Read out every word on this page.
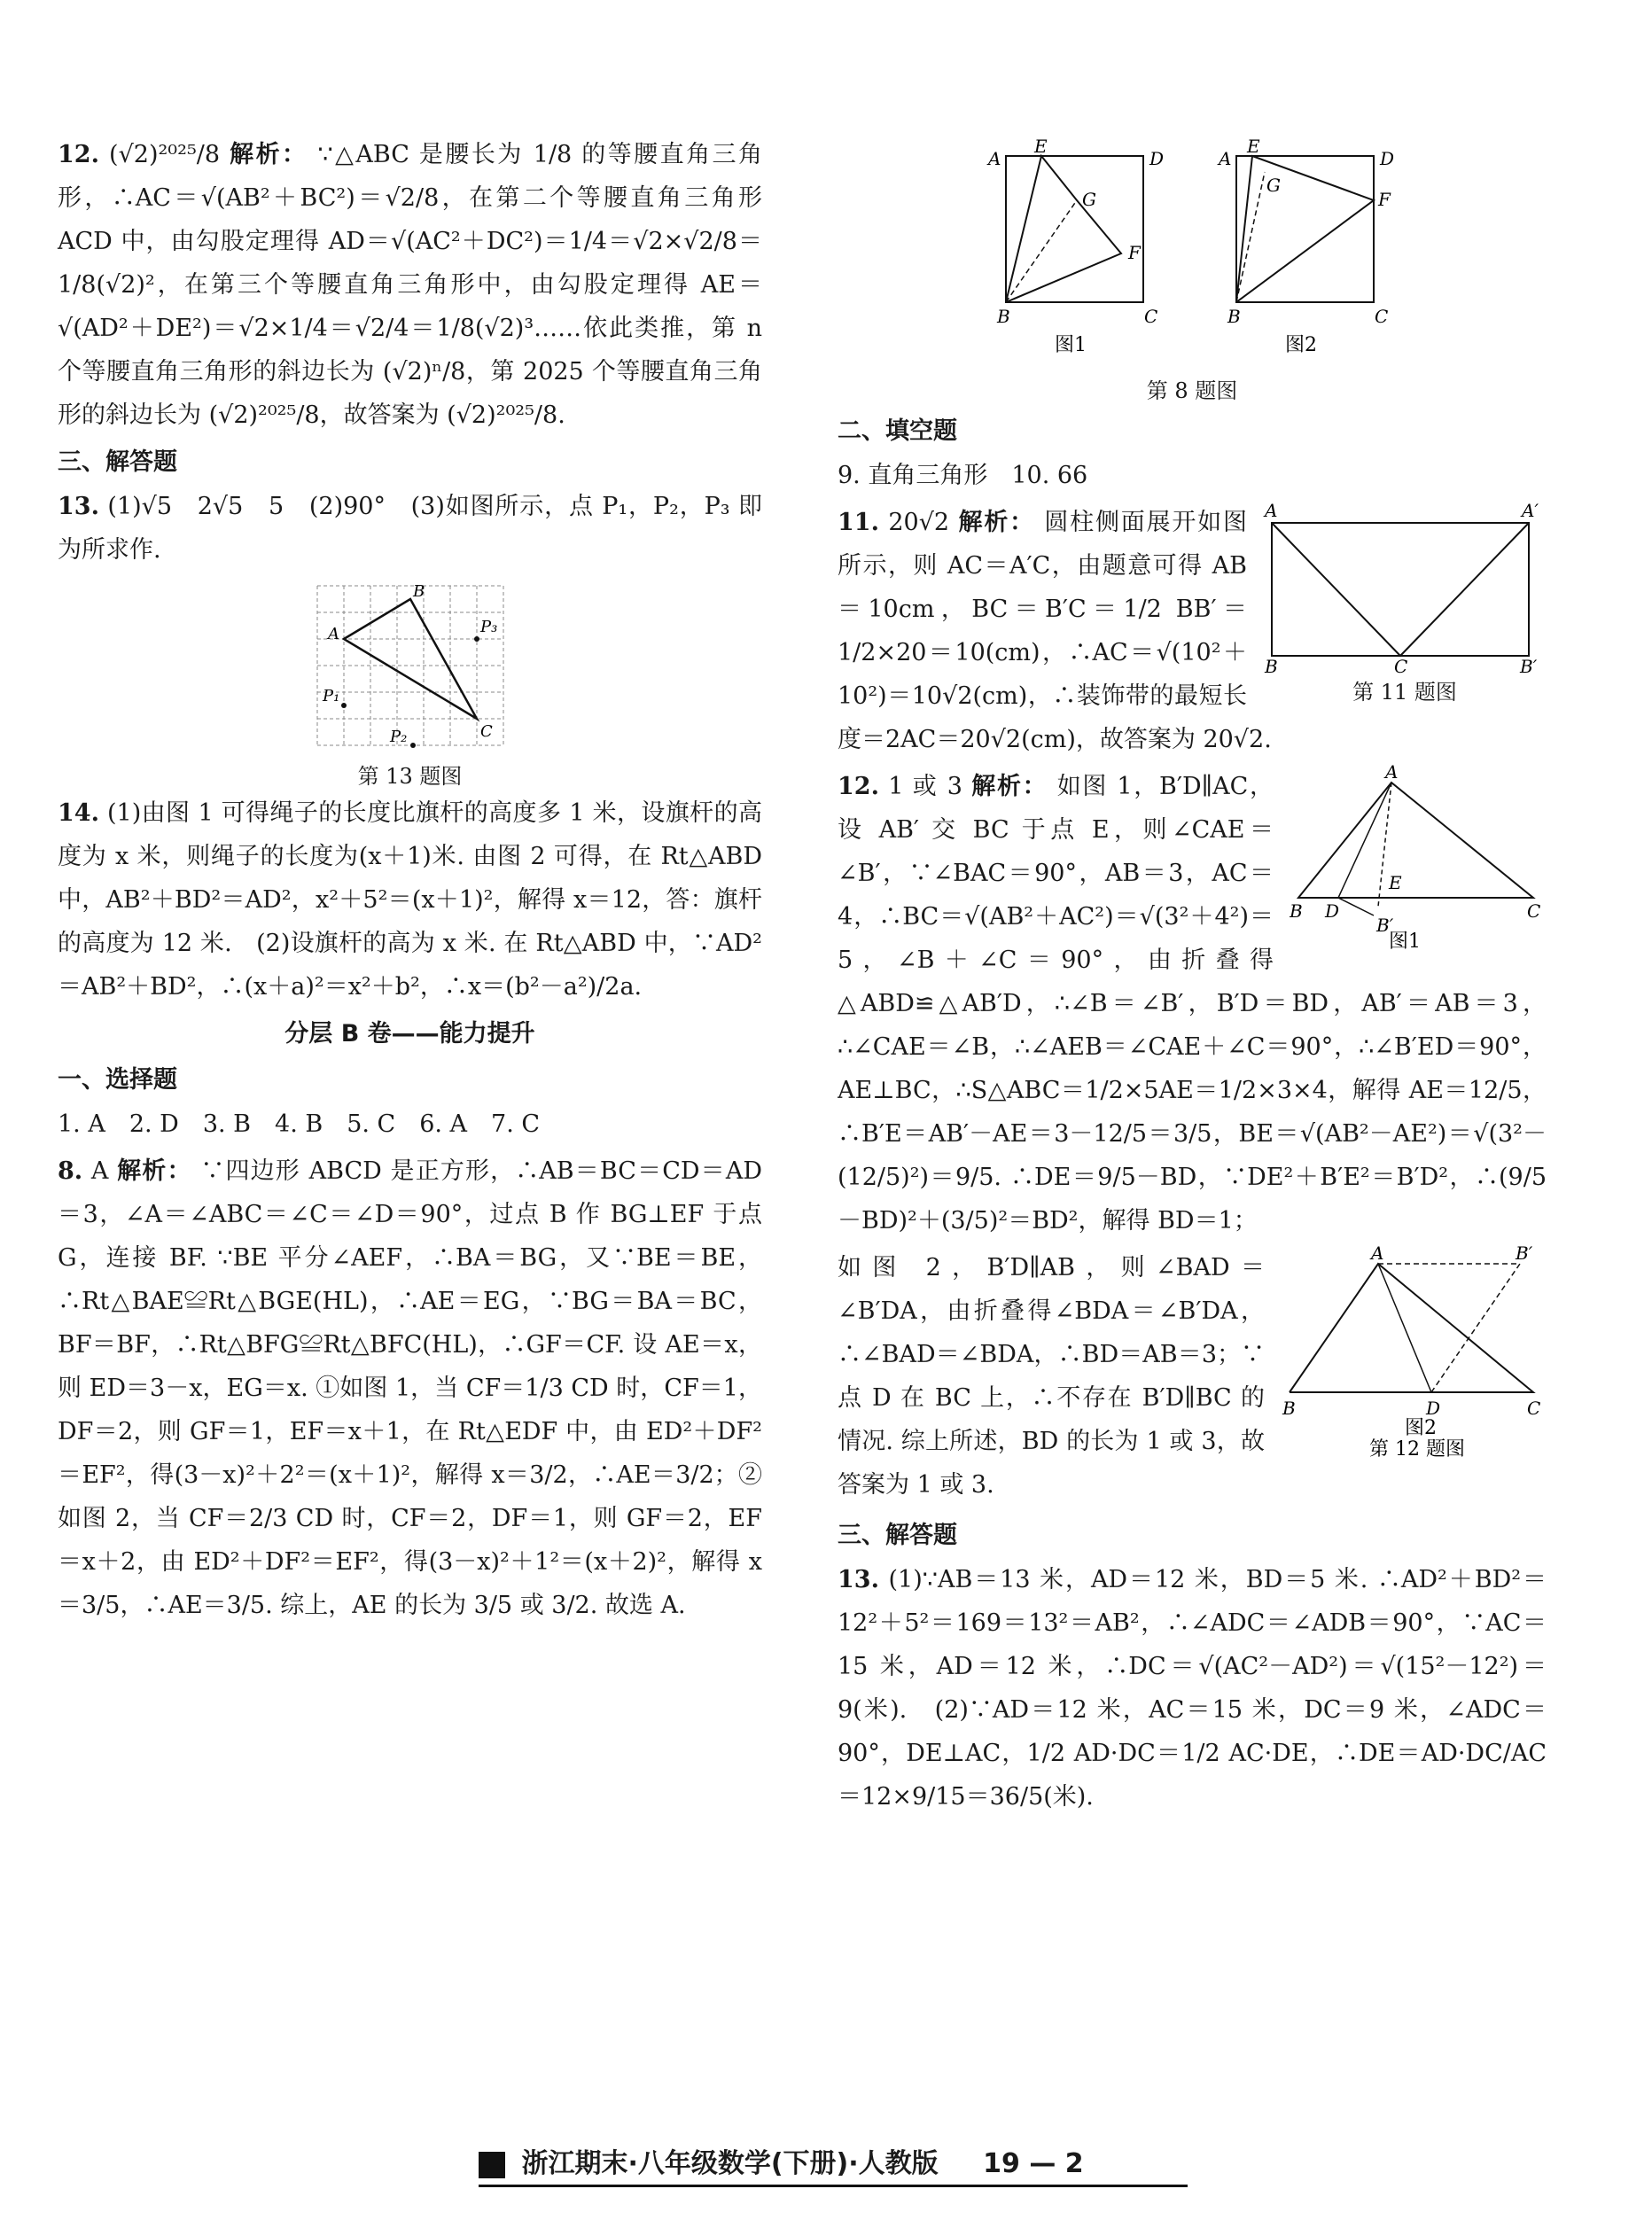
12. (√2)²⁰²⁵/8 解析： ∵△ABC 是腰长为 1/8 的等腰直角三角形，∴AC＝√(AB²＋BC²)＝√2/8，在第二个等腰直角三角形 ACD 中，由勾股定理得 AD＝√(AC²＋DC²)＝1/4＝√2×√2/8＝1/8(√2)²，在第三个等腰直角三角形中，由勾股定理得 AE＝√(AD²＋DE²)＝√2×1/4＝√2/4＝1/8(√2)³……依此类推，第 n 个等腰直角三角形的斜边长为 (√2)ⁿ/8，第 2025 个等腰直角三角形的斜边长为 (√2)²⁰²⁵/8，故答案为 (√2)²⁰²⁵/8.
三、解答题
13. (1)√5　2√5　5　(2)90°　(3)如图所示，点 P₁，P₂，P₃ 即为所求作.
A
B
C
P₁
P₂
P₃
第 13 题图
14. (1)由图 1 可得绳子的长度比旗杆的高度多 1 米，设旗杆的高度为 x 米，则绳子的长度为(x＋1)米. 由图 2 可得，在 Rt△ABD 中，AB²＋BD²＝AD²，x²＋5²＝(x＋1)²，解得 x＝12，答：旗杆的高度为 12 米.　(2)设旗杆的高为 x 米. 在 Rt△ABD 中，∵AD²＝AB²＋BD²，∴(x＋a)²＝x²＋b²，∴x＝(b²－a²)/2a.
分层 B 卷——能力提升
一、选择题
1. A　2. D　3. B　4. B　5. C　6. A　7. C
8. A 解析： ∵四边形 ABCD 是正方形，∴AB＝BC＝CD＝AD＝3，∠A＝∠ABC＝∠C＝∠D＝90°，过点 B 作 BG⊥EF 于点 G，连接 BF. ∵BE 平分∠AEF，∴BA＝BG，又∵BE＝BE，∴Rt△BAE≌Rt△BGE(HL)，∴AE＝EG，∵BG＝BA＝BC，BF＝BF，∴Rt△BFG≌Rt△BFC(HL)，∴GF＝CF. 设 AE＝x，则 ED＝3－x，EG＝x. ①如图 1，当 CF＝1/3 CD 时，CF＝1，DF＝2，则 GF＝1，EF＝x＋1，在 Rt△EDF 中，由 ED²＋DF²＝EF²，得(3－x)²＋2²＝(x＋1)²，解得 x＝3/2，∴AE＝3/2；②如图 2，当 CF＝2/3 CD 时，CF＝2，DF＝1，则 GF＝2，EF＝x＋2，由 ED²＋DF²＝EF²，得(3－x)²＋1²＝(x＋2)²，解得 x＝3/5，∴AE＝3/5. 综上，AE 的长为 3/5 或 3/2. 故选 A.
A
E
D
G
F
B	C
图1
A
E
D
G
F
B	C
图2
第 8 题图
二、填空题
9. 直角三角形　10. 66
A	A′
B	C	B′
第 11 题图
11. 20√2 解析： 圆柱侧面展开如图所示，则 AC＝A′C，由题意可得 AB＝10cm，BC＝B′C＝1/2 BB′＝1/2×20＝10(cm)，∴AC＝√(10²＋10²)＝10√2(cm)，∴装饰带的最短长度＝2AC＝20√2(cm)，故答案为 20√2.
A
B D
E
C
B′
图1
12. 1 或 3 解析： 如图 1，B′D∥AC，设 AB′ 交 BC 于点 E，则∠CAE＝∠B′，∵∠BAC＝90°，AB＝3，AC＝4，∴BC＝√(AB²＋AC²)＝√(3²＋4²)＝5，∠B＋∠C＝90°，由折叠得△ABD≌△AB′D，∴∠B＝∠B′，B′D＝BD，AB′＝AB＝3，∴∠CAE＝∠B，∴∠AEB＝∠CAE＋∠C＝90°，∴∠B′ED＝90°，AE⊥BC，∴S△ABC＝1/2×5AE＝1/2×3×4，解得 AE＝12/5，∴B′E＝AB′－AE＝3－12/5＝3/5，BE＝√(AB²－AE²)＝√(3²－(12/5)²)＝9/5. ∴DE＝9/5－BD，∵DE²＋B′E²＝B′D²，∴(9/5－BD)²＋(3/5)²＝BD²，解得 BD＝1；
A	B′
B	D	C
图2
第 12 题图
如图 2，B′D∥AB，则∠BAD＝∠B′DA，由折叠得∠BDA＝∠B′DA，∴∠BAD＝∠BDA，∴BD＝AB＝3；∵点 D 在 BC 上，∴不存在 B′D∥BC 的情况. 综上所述，BD 的长为 1 或 3，故答案为 1 或 3.
三、解答题
13. (1)∵AB＝13 米，AD＝12 米，BD＝5 米. ∴AD²＋BD²＝12²＋5²＝169＝13²＝AB²，∴∠ADC＝∠ADB＝90°，∵AC＝15 米，AD＝12 米，∴DC＝√(AC²－AD²)＝√(15²－12²)＝9(米).　(2)∵AD＝12 米，AC＝15 米，DC＝9 米，∠ADC＝90°，DE⊥AC，1/2 AD·DC＝1/2 AC·DE，∴DE＝AD·DC/AC＝12×9/15＝36/5(米).
浙江期末·八年级数学(下册)·人教版 19 — 2
